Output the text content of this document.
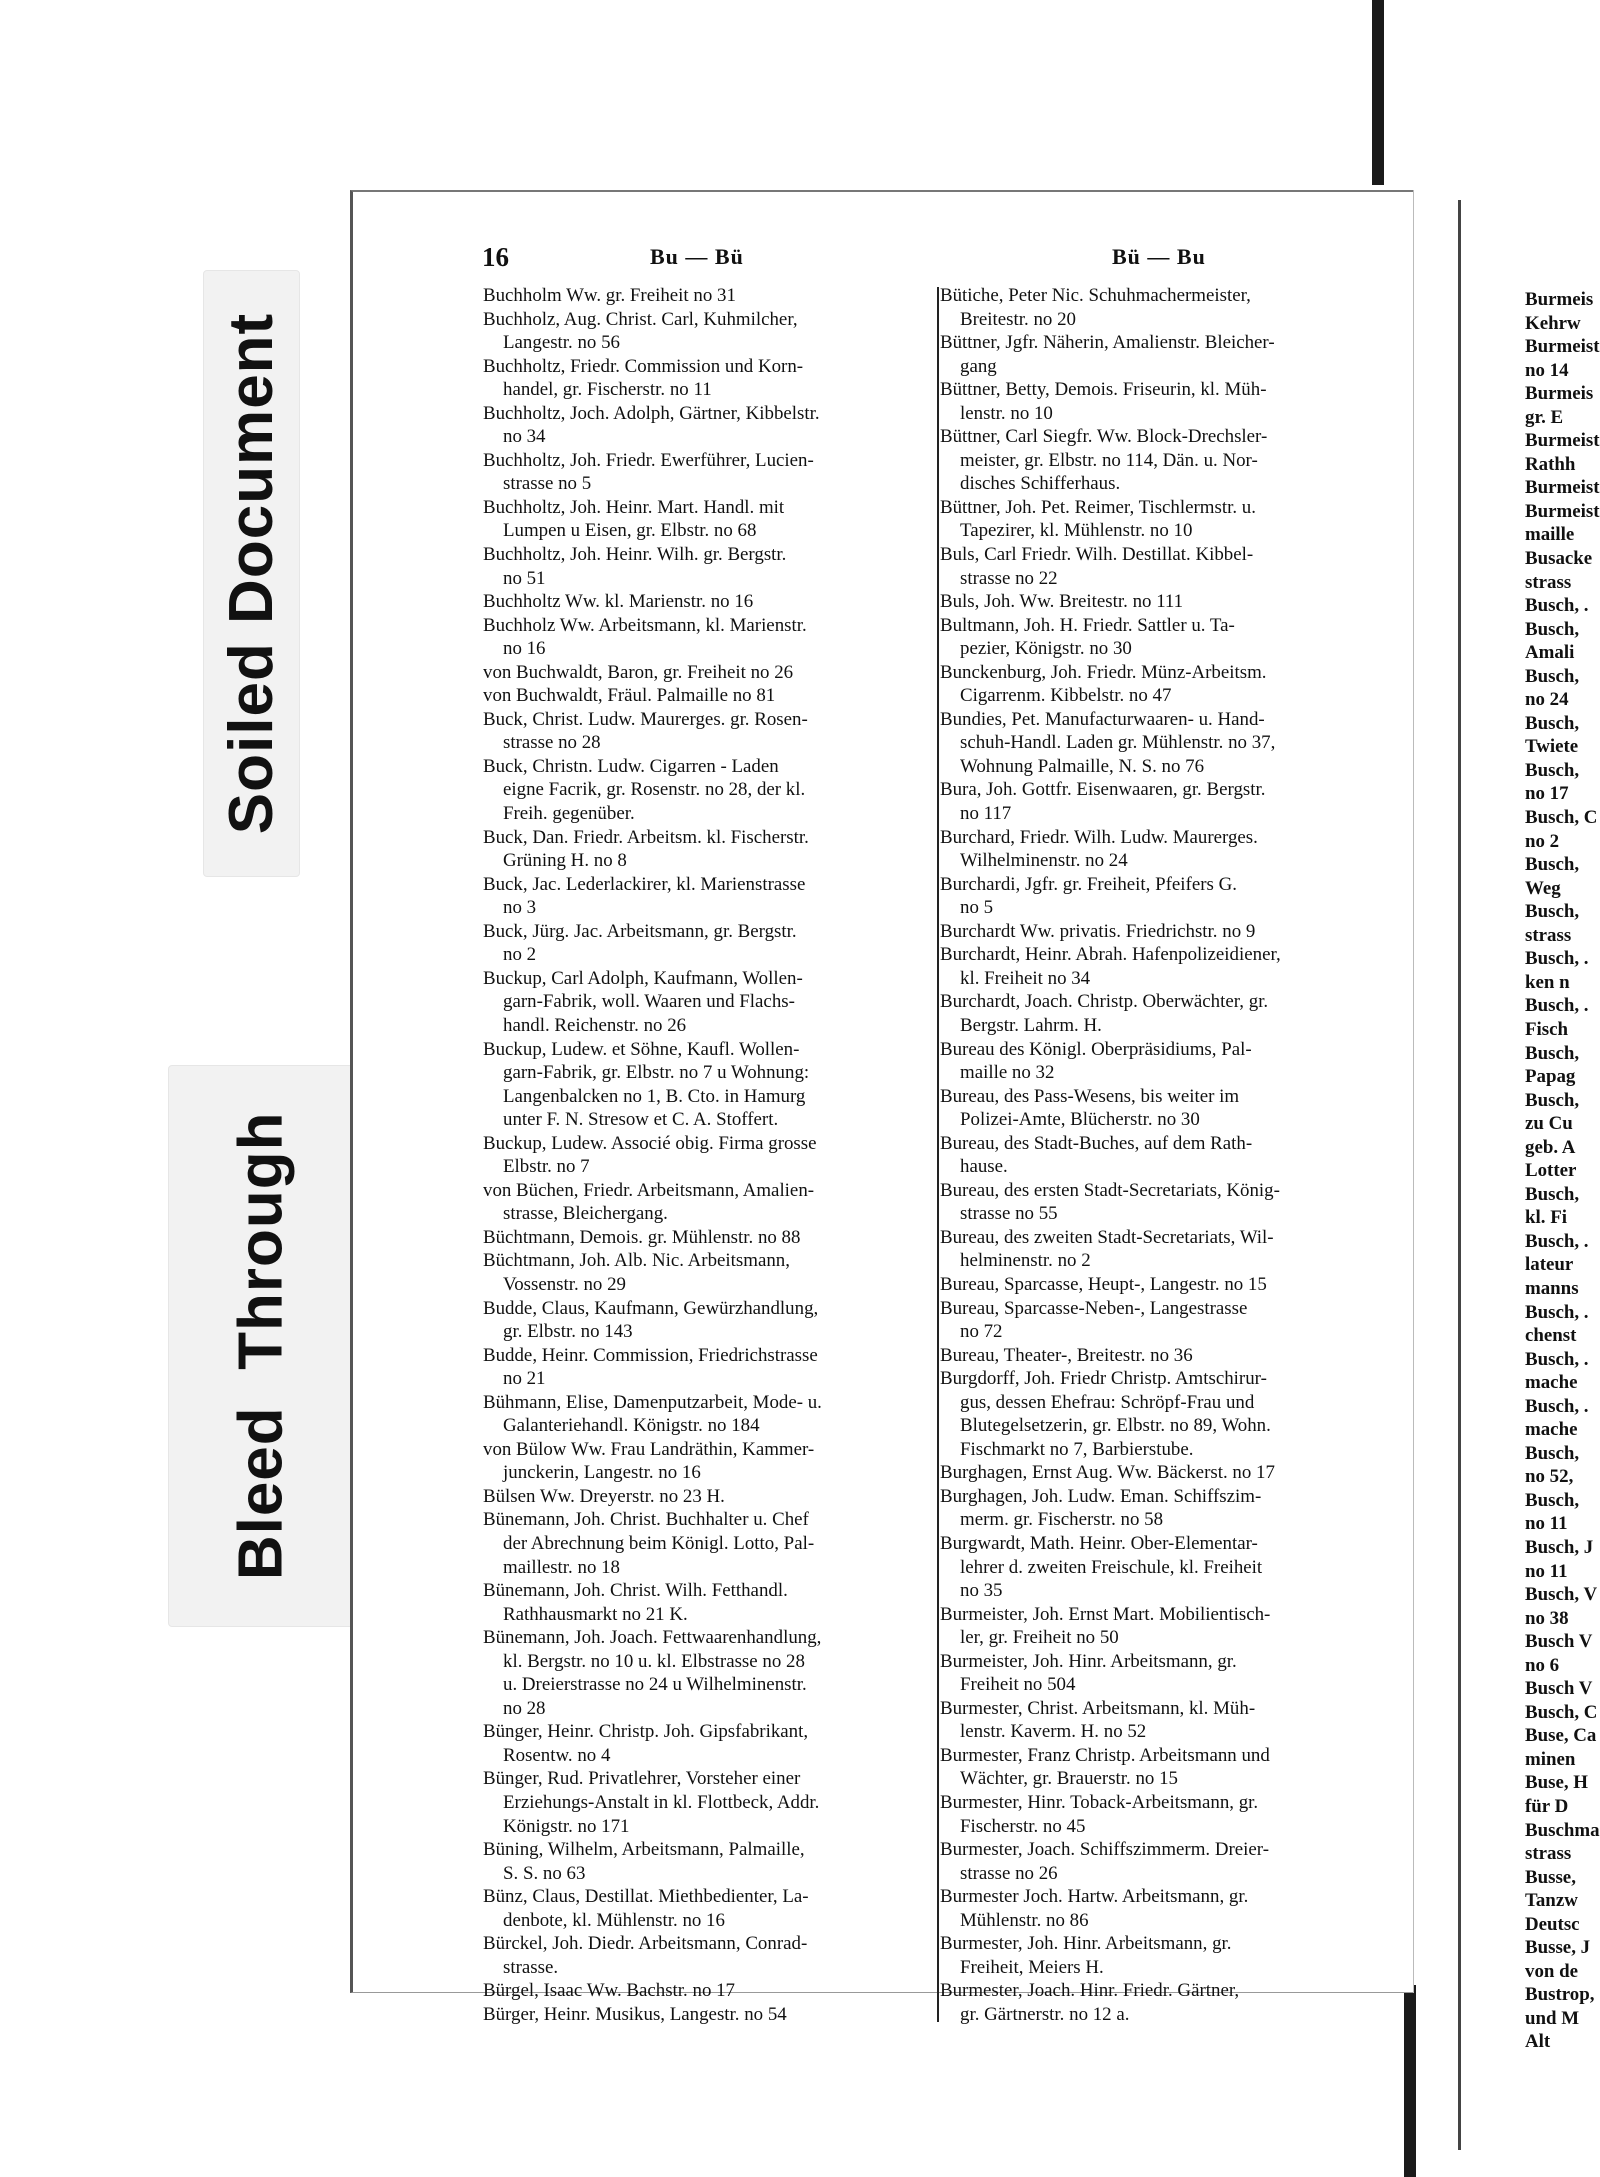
Soiled Document
Bleed  Through
16	Bu — Bü	Bü — Bu
Buchholm Ww. gr. Freiheit no 31
Buchholz, Aug. Christ. Carl, Kuhmilcher,
Langestr. no 56
Buchholtz, Friedr. Commission und Korn-
handel, gr. Fischerstr. no 11
Buchholtz, Joch. Adolph, Gärtner, Kibbelstr.
no 34
Buchholtz, Joh. Friedr. Ewerführer, Lucien-
strasse no 5
Buchholtz, Joh. Heinr. Mart. Handl. mit
Lumpen u Eisen, gr. Elbstr. no 68
Buchholtz, Joh. Heinr. Wilh. gr. Bergstr.
no 51
Buchholtz Ww. kl. Marienstr. no 16
Buchholz Ww. Arbeitsmann, kl. Marienstr.
no 16
von Buchwaldt, Baron, gr. Freiheit no 26
von Buchwaldt, Fräul. Palmaille no 81
Buck, Christ. Ludw. Maurerges. gr. Rosen-
strasse no 28
Buck, Christn. Ludw. Cigarren - Laden
eigne Facrik, gr. Rosenstr. no 28, der kl.
Freih. gegenüber.
Buck, Dan. Friedr. Arbeitsm. kl. Fischerstr.
Grüning H. no 8
Buck, Jac. Lederlackirer, kl. Marienstrasse
no 3
Buck, Jürg. Jac. Arbeitsmann, gr. Bergstr.
no 2
Buckup, Carl Adolph, Kaufmann, Wollen-
garn-Fabrik, woll. Waaren und Flachs-
handl. Reichenstr. no 26
Buckup, Ludew. et Söhne, Kaufl. Wollen-
garn-Fabrik, gr. Elbstr. no 7 u Wohnung:
Langenbalcken no 1, B. Cto. in Hamurg
unter F. N. Stresow et C. A. Stoffert.
Buckup, Ludew. Associé obig. Firma grosse
Elbstr. no 7
von Büchen, Friedr. Arbeitsmann, Amalien-
strasse, Bleichergang.
Büchtmann, Demois. gr. Mühlenstr. no 88
Büchtmann, Joh. Alb. Nic. Arbeitsmann,
Vossenstr. no 29
Budde, Claus, Kaufmann, Gewürzhandlung,
gr. Elbstr. no 143
Budde, Heinr. Commission, Friedrichstrasse
no 21
Bühmann, Elise, Damenputzarbeit, Mode- u.
Galanteriehandl. Königstr. no 184
von Bülow Ww. Frau Landräthin, Kammer-
junckerin, Langestr. no 16
Bülsen Ww. Dreyerstr. no 23 H.
Bünemann, Joh. Christ. Buchhalter u. Chef
der Abrechnung beim Königl. Lotto, Pal-
maillestr. no 18
Bünemann, Joh. Christ. Wilh. Fetthandl.
Rathhausmarkt no 21 K.
Bünemann, Joh. Joach. Fettwaarenhandlung,
kl. Bergstr. no 10 u. kl. Elbstrasse no 28
u. Dreierstrasse no 24 u Wilhelminenstr.
no 28
Bünger, Heinr. Christp. Joh. Gipsfabrikant,
Rosentw. no 4
Bünger, Rud. Privatlehrer, Vorsteher einer
Erziehungs-Anstalt in kl. Flottbeck, Addr.
Königstr. no 171
Büning, Wilhelm, Arbeitsmann, Palmaille,
S. S. no 63
Bünz, Claus, Destillat. Miethbedienter, La-
denbote, kl. Mühlenstr. no 16
Bürckel, Joh. Diedr. Arbeitsmann, Conrad-
strasse.
Bürgel, Isaac Ww. Bachstr. no 17
Bürger, Heinr. Musikus, Langestr. no 54
Bütiche, Peter Nic. Schuhmachermeister,
Breitestr. no 20
Büttner, Jgfr. Näherin, Amalienstr. Bleicher-
gang
Büttner, Betty, Demois. Friseurin, kl. Müh-
lenstr. no 10
Büttner, Carl Siegfr. Ww. Block-Drechsler-
meister, gr. Elbstr. no 114, Dän. u. Nor-
disches Schifferhaus.
Büttner, Joh. Pet. Reimer, Tischlermstr. u.
Tapezirer, kl. Mühlenstr. no 10
Buls, Carl Friedr. Wilh. Destillat. Kibbel-
strasse no 22
Buls, Joh. Ww. Breitestr. no 111
Bultmann, Joh. H. Friedr. Sattler u. Ta-
pezier, Königstr. no 30
Bunckenburg, Joh. Friedr. Münz-Arbeitsm.
Cigarrenm. Kibbelstr. no 47
Bundies, Pet. Manufacturwaaren- u. Hand-
schuh-Handl. Laden gr. Mühlenstr. no 37,
Wohnung Palmaille, N. S. no 76
Bura, Joh. Gottfr. Eisenwaaren, gr. Bergstr.
no 117
Burchard, Friedr. Wilh. Ludw. Maurerges.
Wilhelminenstr. no 24
Burchardi, Jgfr. gr. Freiheit, Pfeifers G.
no 5
Burchardt Ww. privatis. Friedrichstr. no 9
Burchardt, Heinr. Abrah. Hafenpolizeidiener,
kl. Freiheit no 34
Burchardt, Joach. Christp. Oberwächter, gr.
Bergstr. Lahrm. H.
Bureau des Königl. Oberpräsidiums, Pal-
maille no 32
Bureau, des Pass-Wesens, bis weiter im
Polizei-Amte, Blücherstr. no 30
Bureau, des Stadt-Buches, auf dem Rath-
hause.
Bureau, des ersten Stadt-Secretariats, König-
strasse no 55
Bureau, des zweiten Stadt-Secretariats, Wil-
helminenstr. no 2
Bureau, Sparcasse, Heupt-, Langestr. no 15
Bureau, Sparcasse-Neben-, Langestrasse
no 72
Bureau, Theater-, Breitestr. no 36
Burgdorff, Joh. Friedr Christp. Amtschirur-
gus, dessen Ehefrau: Schröpf-Frau und
Blutegelsetzerin, gr. Elbstr. no 89, Wohn.
Fischmarkt no 7, Barbierstube.
Burghagen, Ernst Aug. Ww. Bäckerst. no 17
Burghagen, Joh. Ludw. Eman. Schiffszim-
merm. gr. Fischerstr. no 58
Burgwardt, Math. Heinr. Ober-Elementar-
lehrer d. zweiten Freischule, kl. Freiheit
no 35
Burmeister, Joh. Ernst Mart. Mobilientisch-
ler, gr. Freiheit no 50
Burmeister, Joh. Hinr. Arbeitsmann, gr.
Freiheit no 504
Burmester, Christ. Arbeitsmann, kl. Müh-
lenstr. Kaverm. H. no 52
Burmester, Franz Christp. Arbeitsmann und
Wächter, gr. Brauerstr. no 15
Burmester, Hinr. Toback-Arbeitsmann, gr.
Fischerstr. no 45
Burmester, Joach. Schiffszimmerm. Dreier-
strasse no 26
Burmester Joch. Hartw. Arbeitsmann, gr.
Mühlenstr. no 86
Burmester, Joh. Hinr. Arbeitsmann, gr.
Freiheit, Meiers H.
Burmester, Joach. Hinr. Friedr. Gärtner,
gr. Gärtnerstr. no 12 a.
Burmeis
Kehrw
Burmeist
no 14
Burmeis
gr. E
Burmeist
Rathh
Burmeist
Burmeist
maille
Busacke
strass
Busch, .
Busch,
Amali
Busch,
no 24
Busch,
Twiete
Busch,
no 17
Busch, C
no 2
Busch,
Weg
Busch,
strass
Busch, .
ken n
Busch, .
Fisch
Busch,
Papag
Busch,
zu Cu
geb. A
Lotter
Busch,
kl. Fi
Busch, .
lateur
manns
Busch, .
chenst
Busch, .
mache
Busch, .
mache
Busch,
no 52,
Busch,
no 11
Busch, J
no 11
Busch, V
no 38
Busch V
no 6
Busch V
Busch, C
Buse, Ca
minen
Buse, H
für D
Buschma
strass
Busse,
Tanzw
Deutsc
Busse, J
von de
Bustrop,
und M
Alt
